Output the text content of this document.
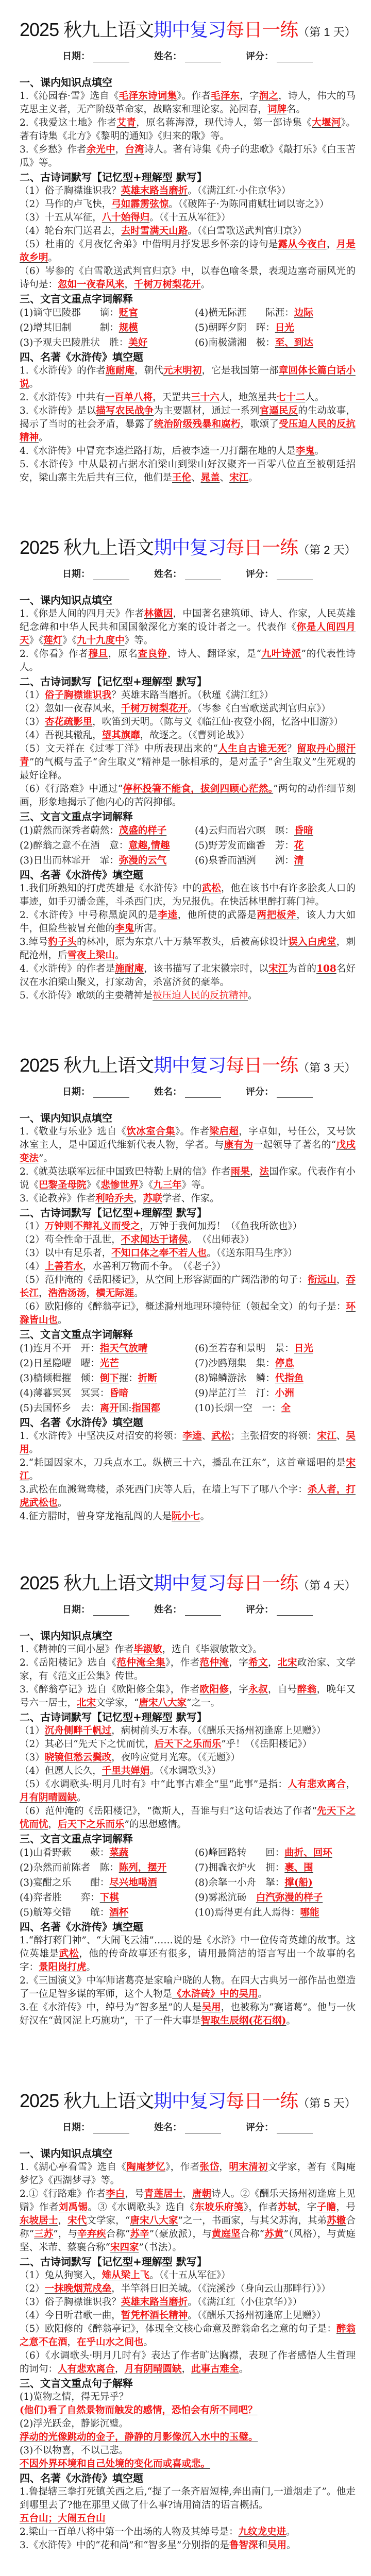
2025 秋九上语文期中复习每日一练（第 1 天）
日期：	姓名：	评分：
一、课内知识点填空
1.《沁园春·雪》选自《毛泽东诗词集》。作者毛泽东，字润之，诗人，伟大的马克思主义者，无产阶级革命家，战略家和理论家。沁园春，词牌名。
2.《我爱这土地》作者艾青，原名蒋海澄，现代诗人，第一部诗集《大堰河》。著有诗集《北方》《黎明的通知》《归来的歌》等。
3.《乡愁》作者余光中，台湾诗人。著有诗集《舟子的悲歌》《敲打乐》《白玉苦瓜》等。
二、古诗词默写【记忆型+理解型 默写】
（1）俗子胸襟谁识我？英雄末路当磨折。（《满江红·小住京华》）
（2）马作的卢飞快，弓如霹雳弦惊。（《破阵子·为陈同甫赋壮词以寄之》）
（3）十五从军征，八十始得归。（《十五从军征》）
（4）轮台东门送君去，去时雪满天山路。（《白雪歌送武判官归京》）
（5）杜甫的《月夜忆舍弟》中借明月抒发思乡怀亲的诗句是露从今夜白，月是故乡明。
（6）岑参的《白雪歌送武判官归京》中，以春色喻冬景，表现边塞奇丽风光的诗句是：忽如一夜春风来，千树万树梨花开。
三、文言文重点字词解释
(1)谪守巴陵郡　　谪：贬官	(4)横无际涯　　际涯：边际
(2)增其旧制　　　制：规模	(5)朝晖夕阴　晖：日光
(3)予观夫巴陵胜状　胜：美好	(6)南极潇湘　极：至、到达
四、名著《水浒传》填空题
1.《水浒传》的作者施耐庵，朝代元末明初，它是我国第一部章回体长篇白话小说。
2.《水浒传》中共有一百单八将，天罡共三十六人，地煞星共七十二人。
3.《水浒传》是以描写农民战争为主要题材，通过一系列官逼民反的生动故事，揭示了当时的社会矛盾，暴露了统治阶级残暴和腐朽，歌颂了受压迫人民的反抗精神。
4.《水浒传》中冒充李逵拦路打劫，后被李逵一刀打翻在地的人是李鬼。
5.《水浒传》中从最初占据水泊梁山到梁山好汉聚齐一百零八位直至被朝廷招安，梁山寨主先后共有三位，他们是王伦、晁盖、宋江。
2025 秋九上语文期中复习每日一练（第 2 天）
日期：	姓名：	评分：
一、课内知识点填空
1.《你是人间的四月天》作者林徽因，中国著名建筑师、诗人、作家，人民英雄纪念碑和中华人民共和国国徽深化方案的设计者之一。代表作《你是人间四月天》《莲灯》《九十九度中》等。
2.《你看》作者穆旦，原名查良铮，诗人、翻译家，是“九叶诗派”的代表性诗人。
二、古诗词默写【记忆型+理解型 默写】
（1）俗子胸襟谁识我？英雄末路当磨折。（秋瑾《满江红》）
（2）忽如一夜春风来，千树万树梨花开。（岑参《白雪歌送武判官归京》）
（3）杏花疏影里，吹笛到天明。（陈与义《临江仙·夜登小阁，忆洛中旧游》）
（4）吾视其辙乱，望其旗靡，故逐之。（《曹刿论战》）
（5）文天祥在《过零丁洋》中所表现出来的“人生自古谁无死？留取丹心照汗青”的气概与孟子“舍生取义”精神是一脉相承的，是对孟子“舍生取义”生死观的最好诠释。
（6）《行路难》中通过“停杯投箸不能食，拔剑四顾心茫然。”两句的动作细节刻画，形象地揭示了他内心的苦闷抑郁。
三、文言文重点字词解释
(1)蔚然而深秀者蔚然：茂盛的样子	(4)云归而岩穴暝　暝：昏暗
(2)醉翁之意不在酒　意：意趣,情趣	(5)野芳发而幽香　芳：花
(3)日出而林霏开　霏：弥漫的云气	(6)泉香而酒洌　　洌：清
四、名著《水浒传》填空题
1.我们所熟知的打虎英雄是《水浒传》中的武松，他在该书中有许多脍炙人口的事迹，如手刃潘金莲，斗杀西门庆，为兄报仇。在快活林里醉打蒋门神。
2.《水浒传》中号称黑旋风的是李逵，他所使的武器是两把板斧，该人力大如牛，但险些被冒充他的李鬼所害。
3.绰号豹子头的林冲，原为东京八十万禁军教头，后被高俅设计误入白虎堂，刺配沧州，后雪夜上梁山。
4.《水浒传》的作者是施耐庵，该书描写了北宋徽宗时，以宋江为首的108名好汉在水泊梁山聚义，打家劫舍，杀富济贫的豪举。
5.《水浒传》歌颂的主要精神是被压迫人民的反抗精神。
2025 秋九上语文期中复习每日一练（第 3 天）
日期：	姓名：	评分：
一、课内知识点填空
1.《敬业与乐业》选自《饮冰室合集》。作者梁启超，字卓如，号任公，又号饮冰室主人，是中国近代维新代表人物，学者。与康有为一起领导了著名的“戊戌变法”。
2.《就英法联军远征中国致巴特勒上尉的信》作者雨果，法国作家。代表作有小说《巴黎圣母院》《悲惨世界》《九三年》等。
3.《论教养》作者利哈乔夫，苏联学者、作家。
二、古诗词默写【记忆型+理解型 默写】
（1）万钟则不辩礼义而受之，万钟于我何加焉！（《鱼我所欲也》）
（2）苟全性命于乱世，不求闻达于诸侯。　（《出师表》）
（3）以中有足乐者，不知口体之奉不若人也。（《送东阳马生序》）
（4）上善若水，水善利万物而不争。　（《老子》）
（5）范仲淹的《岳阳楼记》，从空间上形容湖面的广阔浩渺的句子：衔远山，吞长江，浩浩汤汤，横无际涯。
（6）欧阳修的《醉翁亭记》，概述滁州地理环境特征（领起全文）的句子是：环滁皆山也。
三、文言文重点字词解释
(1)连月不开　开：指天气放晴	(6)至若春和景明　景：日光
(2)日星隐曜　曜：光芒	(7)沙鸥翔集　集：停息
(3)樯倾楫摧　倾：倒下摧：折断	(8)锦鳞游泳　鳞：代指鱼
(4)薄暮冥冥　冥冥：昏暗	(9)岸芷汀兰　汀：小洲
(5)去国怀乡　去：离开国:指国都	(10)长烟一空　一：全
四、名著《水浒传》填空题
1.《水浒传》中坚决反对招安的将领：李逵、武松；主张招安的将领：宋江、吴用。
2.“耗国因家木，刀兵点水工。纵横三十六，播乱在江东”，这首童谣唱的是宋江。
3.武松在血溅鸳鸯楼，杀死西门庆等人后，在墙上写下了哪八个字：杀人者，打虎武松也。
4.征方腊时，曾身穿龙袍乱闯的人是阮小七。
2025 秋九上语文期中复习每日一练（第 4 天）
日期：	姓名：	评分：
一、课内知识点填空
1.《精神的三间小屋》作者毕淑敏，选自《毕淑敏散文》。
2.《岳阳楼记》选自《范仲淹全集》，作者范仲淹，字希文，北宋政治家、文学家，有《范文正公集》传世。
3.《醉翁亭记》选自《欧阳修全集》，作者欧阳修，字永叔，自号醉翁，晚年又号六一居士，北宋文学家，“唐宋八大家”之一。
二、古诗词默写【记忆型+理解型 默写】
（1）沉舟侧畔千帆过，病树前头万木春。（《酬乐天扬州初逢席上见赠》）
（2）其必曰“先天下之忧而忧，后天下之乐而乐”乎！（《岳阳楼记》）
（3）晓镜但愁云鬓改，夜吟应觉月光寒。（《无题》）
（4）但愿人长久，千里共婵娟。（《水调歌头》）
（5）《水调歌头·明月几时有》中“此事古难全”里“此事”是指：人有悲欢离合，月有阴晴圆缺。
（6）范仲淹的《岳阳楼记》，“微斯人，吾谁与归”这句话表达了作者“先天下之忧而忧，后天下之乐而乐”的思想感情。
三、文言文重点字词解释
(1)山肴野蔌　　蔌：菜蔬	(6)峰回路转　　回：曲折、回环
(2)杂然而前陈者　陈：陈列，摆开	(7)拥毳衣炉火　拥：裹、围
(3)宴酣之乐　　酣：尽兴地喝酒	(8)余拏一小舟　拏：撑(船)
(4)弈者胜　　弈：下棋	(9)雾凇沆砀　白汽弥漫的样子
(5)觥筹交错　　觥：酒杯	(10)焉得更有此人焉得：哪能
四、名著《水浒传》填空题
1.“醉打蒋门神”、“大闹飞云浦”……说的是《水浒》中一位传奇英雄的故事。这位英雄是武松，他的传奇故事还有很多，请用最简洁的语言写出一个故事的名字：景阳岗打虎。
2.《三国演义》中军师诸葛亮是家喻户晓的人物。在四大古典另一部作品也塑造了一位足智多谋的军师，这个人物是《水浒砖》中的吴用。
3.在《水浒传》中，绰号为“智多星”的人是吴用，也被称为“赛诸葛”。他与一伙好汉在“黄冈泥上巧施功”，干了一件大事是智取生辰纲(花石纲)。
2025 秋九上语文期中复习每日一练（第 5 天）
日期：	姓名：	评分：
一、课内知识点填空
1.《湖心亭看雪》选自《陶庵梦忆》，作者张岱，明末清初文学家，著有《陶庵梦忆》《西湖梦寻》等。
2.①《行路难》作者李白，号青莲居士，唐朝诗人。②《酬乐天扬州初逢席上见赠》作者刘禹锡。③《水调歌头》选自《东坡乐府笺》，作者苏轼，字子瞻，号东坡居士，宋代文学家，“唐宋八大家”之一，书画家，与其父苏洵，其弟苏辙合称“三苏”，与辛弃疾合称“苏辛”（豪放派），与黄庭坚合称“苏黄”（风格），与黄庭坚、米芾、蔡襄合称“宋四家”（书法）。
二、古诗词默写【记忆型+理解型 默写】
（1）兔从狗窦入，雉从梁上飞。（《十五从军征》）
（2）一抹晚烟荒戍垒，半竿斜日旧关城。（《浣溪沙（身向云山那畔行）》）
（3）俗子胸襟谁识我？英雄末路当磨折。（《满江红（小住京华）》）
（4）今日听君歌一曲，暂凭杯酒长精神。（《酬乐天扬州初逢席上见赠》）
（5）欧阳修的《醉翁亭记》，体现全文核心命意及醉翁命名之意的句子是：醉翁之意不在酒，在乎山水之间也。
（6）《水调歌头·明月几时有》表达了作者旷达胸襟，表现了作者感悟人生哲理的词句：人有悲欢离合，月有阴晴圆缺，此事古难全。
三、文言文重点句子解释
(1)览物之情，得无异乎？
(他们)看了自然景物而触发的感情，恐怕会有所不同吧？
(2)浮光跃金，静影沉璧。
浮动的光像跳动的金子，静静的月影像沉入水中的玉璧。
(3)不以物喜，不以己悲。
不因外界环境和自己处境的变化而或喜或悲。
四、名著《水浒传》填空题
1.鲁提辖三拳打死镇关西之后,“提了一条齐眉短棒,奔出南门,一道烟走了”。他走到哪里去了?他在那里又做了什么事?请用简洁的语言概括。
五台山；大闹五台山
2.梁山一百单八将中第一个出场的人物及其绰号是：九纹龙史进。
3.《水浒传》中的“花和尚”和“智多星”分别指的是鲁智深和吴用。
